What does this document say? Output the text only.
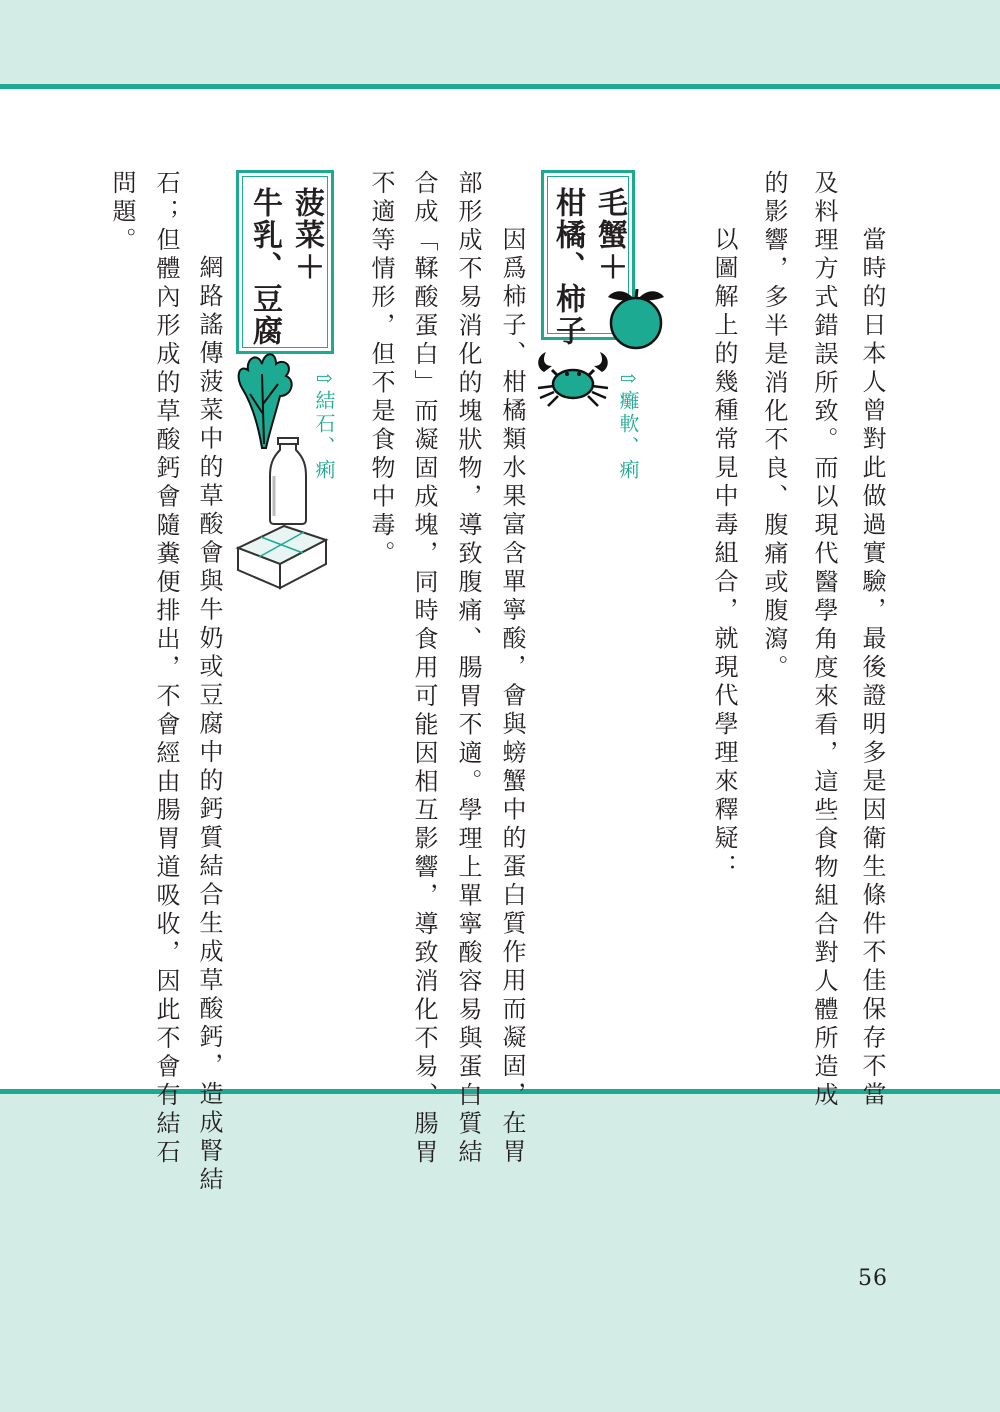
　當時的日本人曾對此做過實驗，最後證明多是因衛生條件不佳保存不當
及料理方式錯誤所致。而以現代醫學角度來看，這些食物組合對人體所造成
的影響，多半是消化不良、腹痛或腹瀉。
　以圖解上的幾種常見中毒組合，就現代學理來釋疑：
毛蟹＋
柑橘、柿子
⇧癱軟、痢
　因爲柿子、柑橘類水果富含單寧酸，會與螃蟹中的蛋白質作用而凝固，在胃
部形成不易消化的塊狀物，導致腹痛、腸胃不適。學理上單寧酸容易與蛋白質結
合成「鞣酸蛋白」而凝固成塊，同時食用可能因相互影響，導致消化不易、腸胃
不適等情形，但不是食物中毒。
菠菜＋
牛乳、豆腐
⇧結石、痢
　網路謠傳菠菜中的草酸會與牛奶或豆腐中的鈣質結合生成草酸鈣，造成腎結
石；但體內形成的草酸鈣會隨糞便排出，不會經由腸胃道吸收，因此不會有結石
問題。
56
